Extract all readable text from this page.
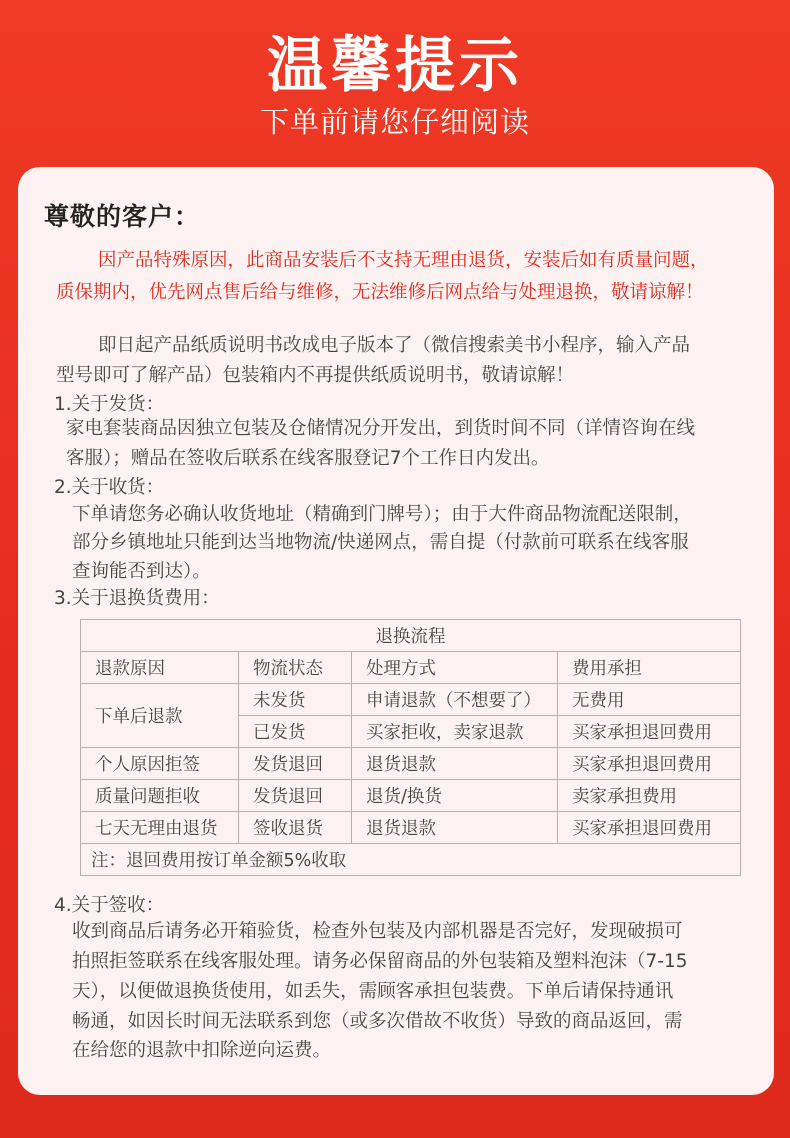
温馨提示
下单前请您仔细阅读
尊敬的客户：
因产品特殊原因，此商品安装后不支持无理由退货，安装后如有质量问题，
质保期内，优先网点售后给与维修，无法维修后网点给与处理退换，敬请谅解！
即日起产品纸质说明书改成电子版本了（微信搜索美书小程序，输入产品
型号即可了解产品）包装箱内不再提供纸质说明书，敬请谅解！
1.关于发货：
家电套装商品因独立包装及仓储情况分开发出，到货时间不同（详情咨询在线
客服）；赠品在签收后联系在线客服登记7个工作日内发出。
2.关于收货：
下单请您务必确认收货地址（精确到门牌号）；由于大件商品物流配送限制，
部分乡镇地址只能到达当地物流/快递网点，需自提（付款前可联系在线客服
查询能否到达）。
3.关于退换货费用：
退换流程			
退款原因	物流状态	处理方式	费用承担
下单后退款	未发货	申请退款（不想要了）	无费用
	已发货	买家拒收，卖家退款	买家承担退回费用
个人原因拒签	发货退回	退货退款	买家承担退回费用
质量问题拒收	发货退回	退货/换货	卖家承担费用
七天无理由退货	签收退货	退货退款	买家承担退回费用
注：退回费用按订单金额5%收取			
4.关于签收：
收到商品后请务必开箱验货，检查外包装及内部机器是否完好，发现破损可
拍照拒签联系在线客服处理。请务必保留商品的外包装箱及塑料泡沫（7-15
天），以便做退换货使用，如丢失，需顾客承担包装费。下单后请保持通讯
畅通，如因长时间无法联系到您（或多次借故不收货）导致的商品返回，需
在给您的退款中扣除逆向运费。
